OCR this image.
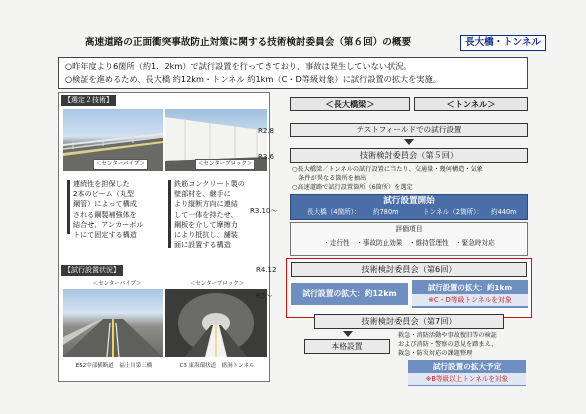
高速道路の正面衝突事故防止対策に関する技術検討委員会（第６回）の概要	長大橋・トンネル

○昨年度より6箇所（約1．2km）で試行設置を行ってきており、事故は発生していない状況。

○検証を進めるため、長大橋 約12km・トンネル 約1km（C・D等級対象）に試行設置の拡大を実施。

【選定２技術】
＜センターパイプ＞	＜センターブロック＞
連続性を担保した
2本のビーム（丸型
鋼管）によって構成
される鋼製補強体を
結合せ、アンカーボル
トにて固定する構造
鉄筋コンクリート製の
壁部材を、継手に
より縦断方向に連結
して一体を持たせ、
鋼板を介して摩擦力
により抵抗し、舗装
面に設置する構造
【試行設置状況】
＜センターパイプ＞	＜センターブロック＞
E52中部横断道　福士川第三橋	C3 東海環状道　栃洞トンネル
＜長大橋梁＞	＜トンネル＞
R2.8
R3.6
R3.10～
R4.12
R5～
テストフィールドでの試行設置
技術検討委員会（第５回）
○長大橋梁／トンネルの試行設置に当たり、交通量・幾何構造・気象
　条件が異なる箇所を抽出
○高速道路で試行設置箇所（6箇所）を選定
試行設置開始
長大橋（4箇所）： 約780m	トンネル（2箇所）： 約440m
評価項目
・走行性　・事故防止効果　・維持管理性　・緊急時対応
技術検討委員会（第6回）
試行設置の拡大：約12km
試行設置の拡大：約1km
※C・D等級トンネルを対象
技術検討委員会（第7回）
本格設置
救急・消防活動や事故復旧等の検証
および消防・警察の意見を踏まえ、
救急・防災対応の課題整理
試行設置の拡大予定
※B等級以上トンネルを対象
